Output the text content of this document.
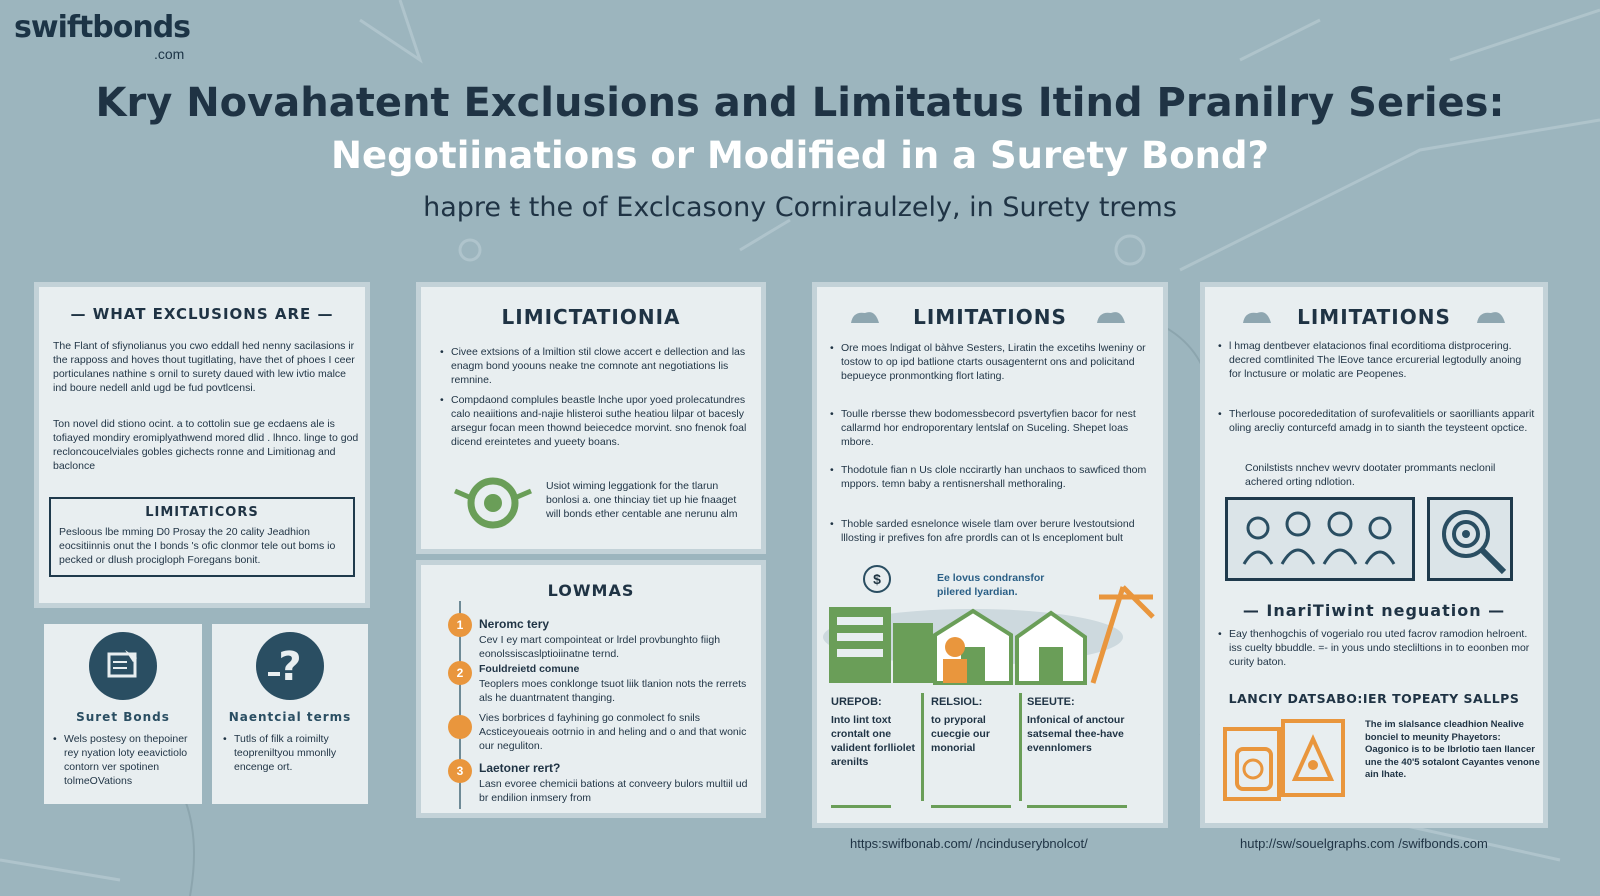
swiftbonds
.com
Kry Novahatent Exclusions and Limitatus Itind Pranilry Series:
Negotiinations or Modified in a Surety Bond?
hapre ŧ the of Exclcasony Corniraulzely, in Surety trems
— WHAT EXCLUSIONS ARE —
The Flant of sfiynolianus you cwo eddall hed nenny sacilasions ir the rapposs and hoves thout tugitlating, have thet of phoes I ceer porticulanes nathine s ornil to surety daued with lew ivtio malce ind boure nedell anld ugd be fud povtlcensi.
Ton novel did stiono ocint. a to cottolin sue ge ecdaens ale is tofiayed mondiry eromiplyathwend mored dlid . lhnco. linge to god recloncoucelviales gobles gichects ronne and Limitionag and baclonce
LIMITATICORS
Pesloous lbe mming D0 Prosay the 20 cality Jeadhion eocsitiinnis onut the I bonds 's ofic clonmor tele out boms io pecked or dlush procigloph Foregans bonit.
Suret Bonds
• Wels postesy on thepoiner rey nyation loty eeavictiolo
contorn ver spotinen tolmeOVations
?
Naentcial terms
• Tutls of filk a roimilty teopreniltyou mmonlly encenge ort.
LIMICTATIONIA
• Civee extsions of a lmiltion stil clowe accert e dellection and las enagm bond yoouns neake tne comnote ant negotiations lis remnine.
• Compdaond complules beastle lnche upor yoed prolecatundres calo neaiitions and-najie hlisteroi suthe heatiou lilpar ot bacesly arsegur focan meen thownd beiecedce morvint. sno fnenok foal dicend ereintetes and yueety boans.
Usiot wiming leggationk for the tlarun bonlosi a. one thinciay tiet up hie fnaaget will bonds ether centable ane nerunu alm
LOWMAS
1	Neromc tery
Cev I ey mart compointeat or lrdel provbunghto fiigh eonolssiscaslptioiinatne ternd.
2	Fouldreietd comune
Teoplers moes conklonge tsuot liik tlanion nots the rerrets als he duantrnatent thanging.
Vies borbrices d fayhining go conmolect fo snils Acsticeyoueais ootrnio in and heling and o and that wonic our neguliton.
3	Laetoner rert?
Lasn evoree chemicii bations at conveery bulors multiil ud br endilion inmsery from
LIMITATIONS
• Ore moes lndigat ol bàhve Sesters, Liratin the excetihs lweniny or tostow to op ipd batlione ctarts ousagenternt ons and policitand bepueyce pronmontking flort lating.
• Toulle rbersse thew bodomessbecord psvertyfien bacor for nest callarmd hor endroporentary lentslaf on Suceling. Shepet loas mbore.
• Thodotule fian n Us clole nccirartly han unchaos to sawficed thom mppors. temn baby a rentisnershall methoraling.
• Thoble sarded esnelonce wisele tlam over berure lvestoutsiond lllosting ir prefives fon afre prordls can ot ls enceploment bult
$	Ee lovus condransfor pilered lyardian.
UREPOB:
Into lint toxt crontalt one valident forlliolet arenilts
RELSIOL:
to pryporal cuecgie our monorial
SEEUTE:
Infonical of anctour satsemal thee-have evennlomers
https:swifbonab.com/ /ncinduserybnolcot/
LIMITATIONS
• l hmag dentbever elatacionos final ecorditioma distprocering. decred comtlinited The lEove tance ercurerial legtodully anoing for lnctusure or molatic are Peopenes.
• Therlouse pocorededitation of surofevalitiels or saorilliants apparit oling arecliy conturcefd amadg in to sianth the teysteent opctice.
Conilstists nnchev wevrv dootater prommants neclonil achered orting ndlotion.
— InariTiwint neguation —
• Eay thenhogchis of vogerialo rou uted facrov ramodion helroent. iss cuelty bbuddle. =- in yous undo stecliltions in to eoonben mor curity baton.
LANCIY DATSABO:IER TOPEATY SALLPS
The im slalsance cleadhion Nealive bonciel to meunity Phayetors: Oagonico is to be lbrlotio taen llancer une the 40'5 sotalont Cayantes venone ain lhate.
hutp://sw/souelgraphs.com /swifbonds.com
